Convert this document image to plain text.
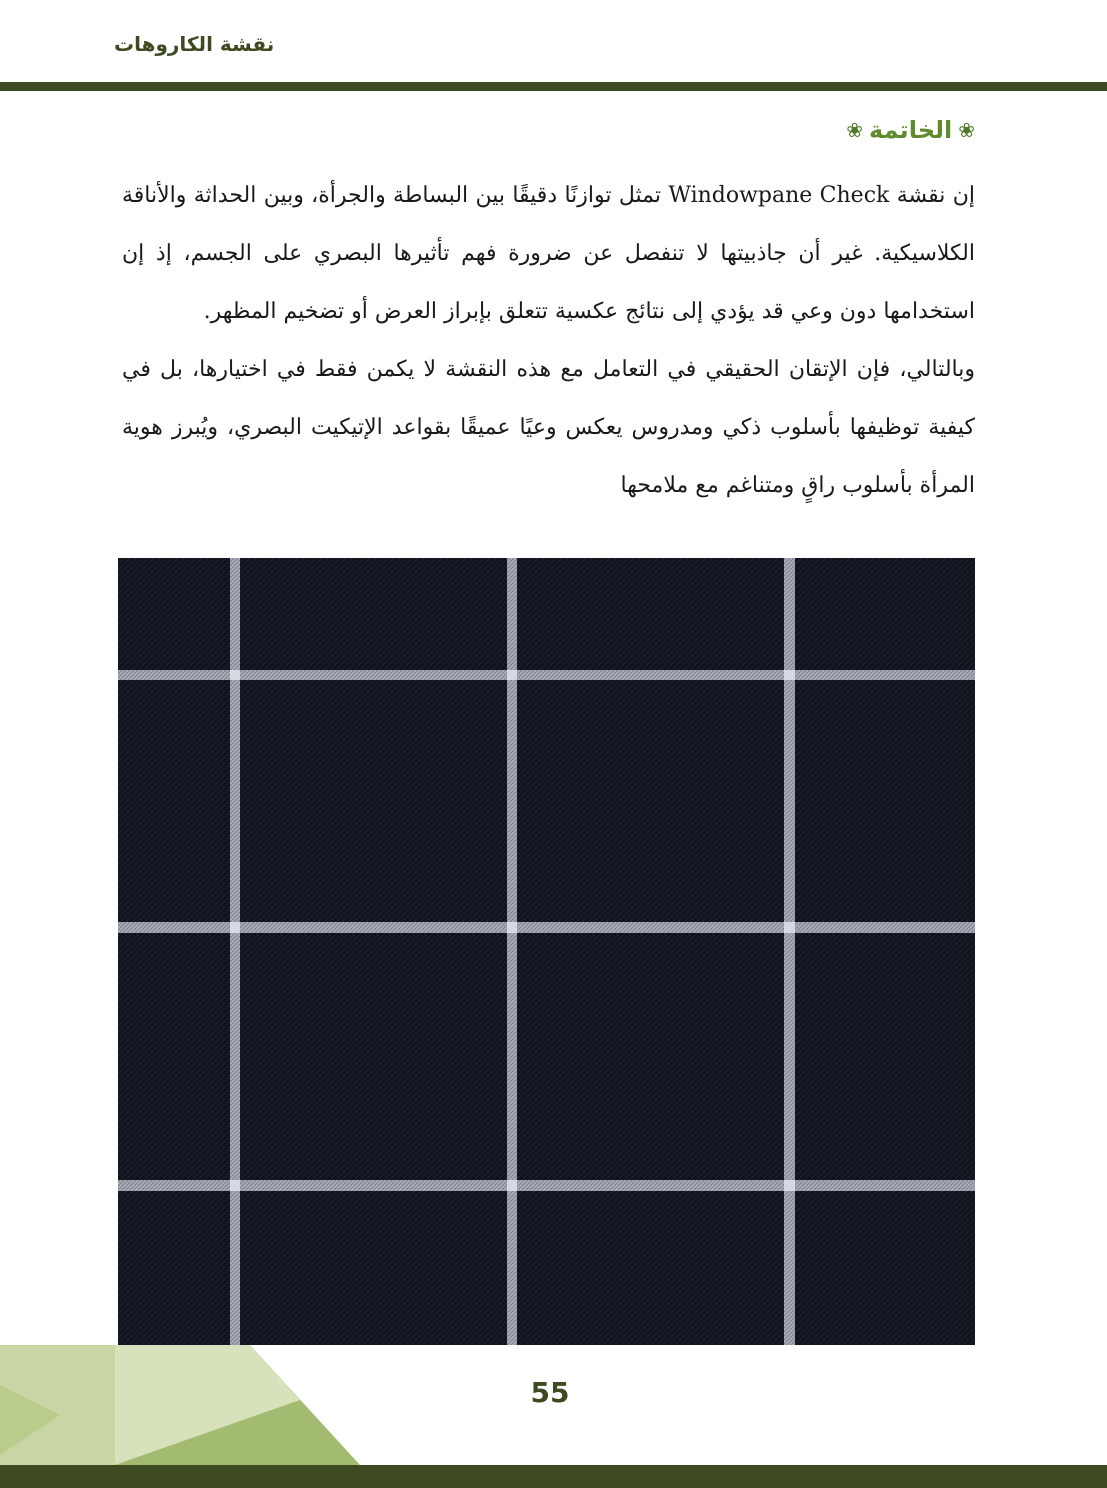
نقشة الكاروهات
❀
الخاتمة
❀

إن نقشة Windowpane Check تمثل توازنًا دقيقًا بين البساطة والجرأة، وبين الحداثة والأناقة الكلاسيكية. غير أن جاذبيتها لا تنفصل عن ضرورة فهم تأثيرها البصري على الجسم، إذ إن استخدامها دون وعي قد يؤدي إلى نتائج عكسية تتعلق بإبراز العرض أو تضخيم المظهر.

وبالتالي، فإن الإتقان الحقيقي في التعامل مع هذه النقشة لا يكمن فقط في اختيارها، بل في كيفية توظيفها بأسلوب ذكي ومدروس يعكس وعيًا عميقًا بقواعد الإتيكيت البصري، ويُبرز هوية المرأة بأسلوب راقٍ ومتناغم مع ملامحها

55
